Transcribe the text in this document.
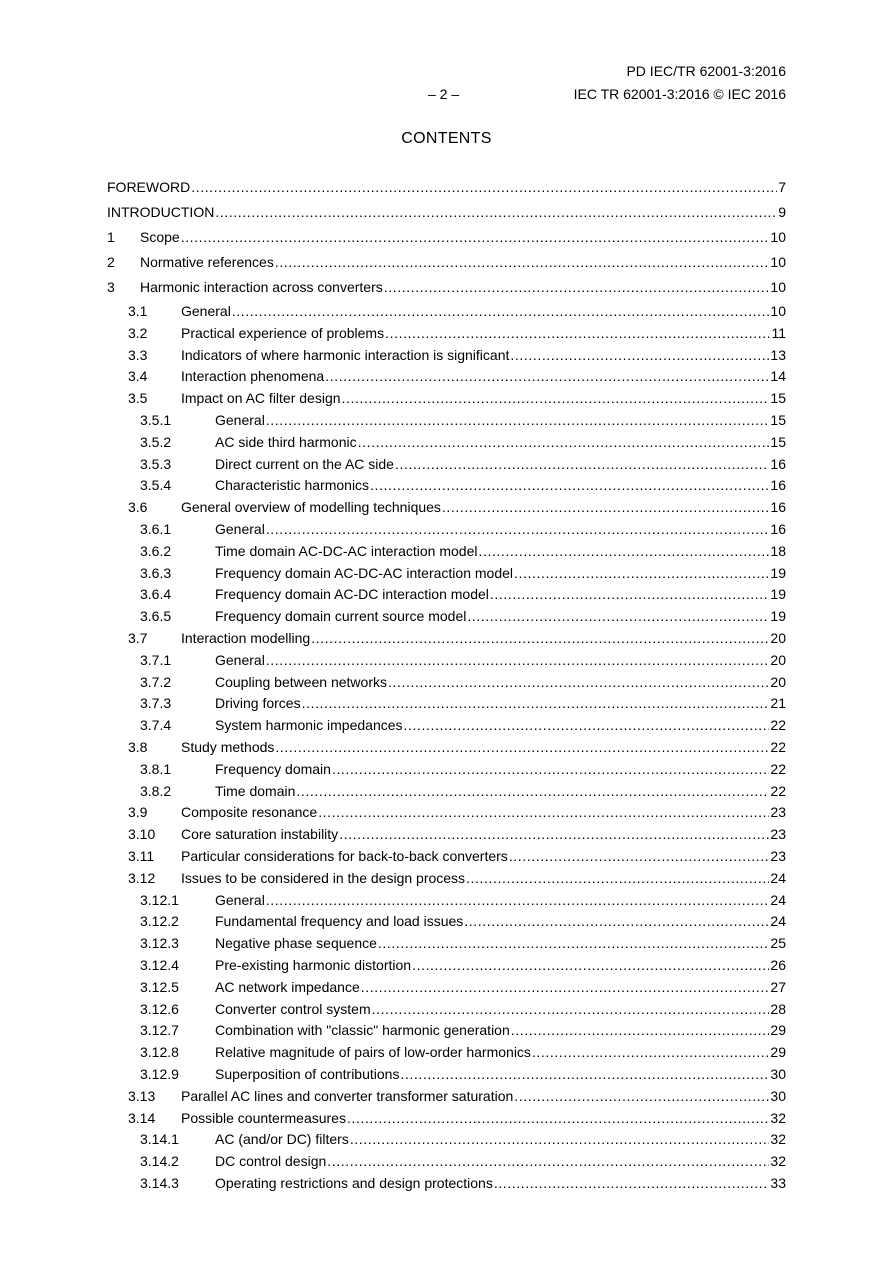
PD IEC/TR 62001-3:2016
– 2 –	IEC TR 62001-3:2016 © IEC 2016
CONTENTS
FOREWORD .....	7
INTRODUCTION .....	9
1	Scope .....	10
2	Normative references .....	10
3	Harmonic interaction across converters .....	10
3.1	General .....	10
3.2	Practical experience of problems .....	11
3.3	Indicators of where harmonic interaction is significant .....	13
3.4	Interaction phenomena .....	14
3.5	Impact on AC filter design .....	15
3.5.1	General .....	15
3.5.2	AC side third harmonic .....	15
3.5.3	Direct current on the AC side .....	16
3.5.4	Characteristic harmonics .....	16
3.6	General overview of modelling techniques .....	16
3.6.1	General .....	16
3.6.2	Time domain AC-DC-AC interaction model .....	18
3.6.3	Frequency domain AC-DC-AC interaction model .....	19
3.6.4	Frequency domain AC-DC interaction model .....	19
3.6.5	Frequency domain current source model .....	19
3.7	Interaction modelling .....	20
3.7.1	General .....	20
3.7.2	Coupling between networks .....	20
3.7.3	Driving forces .....	21
3.7.4	System harmonic impedances .....	22
3.8	Study methods .....	22
3.8.1	Frequency domain .....	22
3.8.2	Time domain .....	22
3.9	Composite resonance .....	23
3.10	Core saturation instability .....	23
3.11	Particular considerations for back-to-back converters .....	23
3.12	Issues to be considered in the design process .....	24
3.12.1	General .....	24
3.12.2	Fundamental frequency and load issues .....	24
3.12.3	Negative phase sequence .....	25
3.12.4	Pre-existing harmonic distortion .....	26
3.12.5	AC network impedance .....	27
3.12.6	Converter control system .....	28
3.12.7	Combination with "classic" harmonic generation .....	29
3.12.8	Relative magnitude of pairs of low-order harmonics .....	29
3.12.9	Superposition of contributions .....	30
3.13	Parallel AC lines and converter transformer saturation .....	30
3.14	Possible countermeasures .....	32
3.14.1	AC (and/or DC) filters .....	32
3.14.2	DC control design .....	32
3.14.3	Operating restrictions and design protections .....	33
